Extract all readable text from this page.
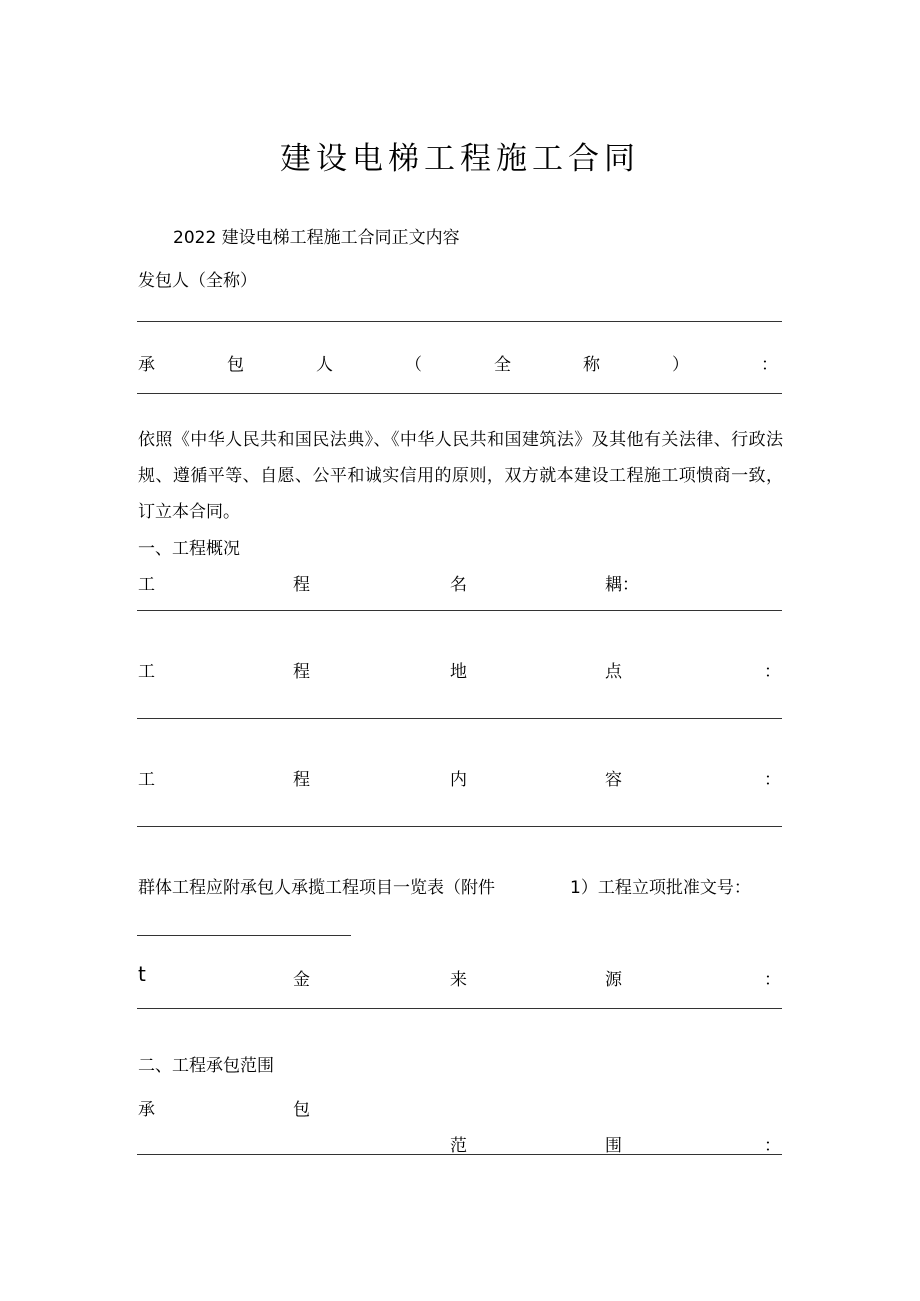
建设电梯工程施工合同
2022 建设电梯工程施工合同正文内容
发包人（全称）
承	包	人	（	全	称	）	：
依照《中华人民共和国民法典》、《中华人民共和国建筑法》及其他有关法律、行政法规、遵循平等、自愿、公平和诚实信用的原则，双方就本建设工程施工项愦商一致，订立本合同。
一、工程概况
工	程	名	耦：
工	程	地	点	：
工	程	内	容	：
群体工程应附承包人承揽工程项目一览表（附件	1）工程立项批准文号：
t	金	来	源	：
二、工程承包范围
承	包
范	围	：
